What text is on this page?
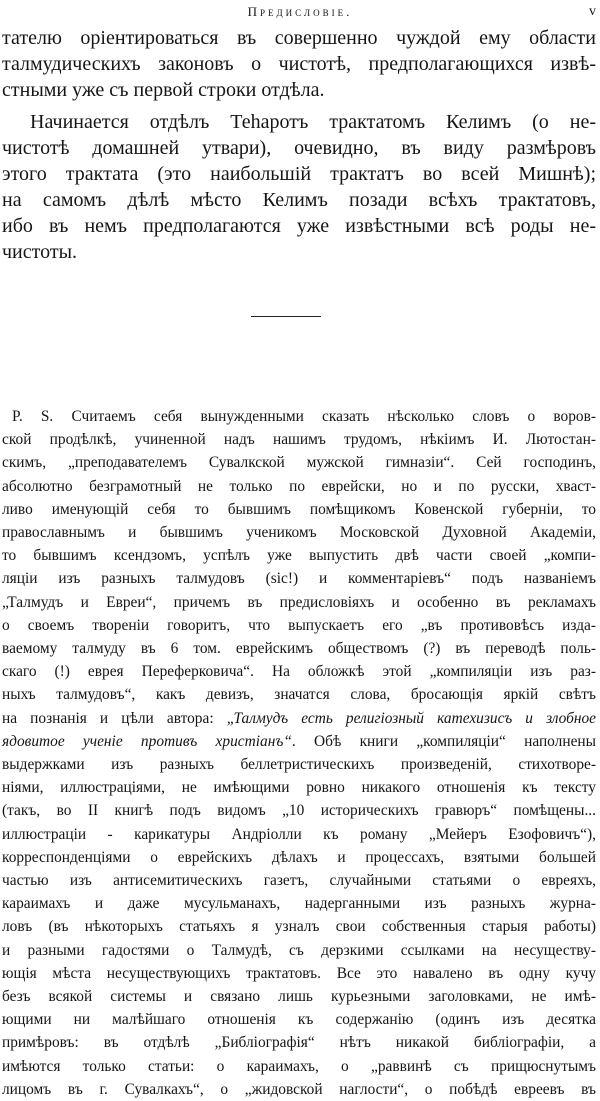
Предисловіе.	v

тателю оріентироваться въ совершенно чуждой ему области

талмудическихъ законовъ о чистотѣ, предполагающихся извѣ-

стными уже съ первой строки отдѣла.

Начинается отдѣлъ Теhаротъ трактатомъ Келимъ (о не-

чистотѣ домашней утвари), очевидно, въ виду размѣровъ

этого трактата (это наибольшій трактатъ во всей Мишнѣ);

на самомъ дѣлѣ мѣсто Келимъ позади всѣхъ трактатовъ,

ибо въ немъ предполагаются уже извѣстными всѣ роды не-

чистоты.

P. S. Считаемъ себя вынужденными сказать нѣсколько словъ о воров-

ской продѣлкѣ, учиненной надъ нашимъ трудомъ, нѣкіимъ И. Лютостан-

скимъ, „преподавателемъ Сувалкской мужской гимназіи“. Сей господинъ,

абсолютно безграмотный не только по еврейски, но и по русски, хваст-

ливо именующій себя то бывшимъ помѣщикомъ Ковенской губерніи, то

православнымъ и бывшимъ ученикомъ Московской Духовной Академіи,

то бывшимъ ксендзомъ, успѣлъ уже выпустить двѣ части своей „компи-

ляціи изъ разныхъ талмудовъ (sic!) и комментаріевъ“ подъ названіемъ

„Талмудъ и Евреи“, причемъ въ предисловіяхъ и особенно въ рекламахъ

о своемъ твореніи говоритъ, что выпускаетъ его „въ противовѣсъ изда-

ваемому талмуду въ 6 том. еврейскимъ обществомъ (?) въ переводѣ поль-

скаго (!) еврея Переферковича“. На обложкѣ этой „компиляціи изъ раз-

ныхъ талмудовъ“, какъ девизъ, значатся слова, бросающія яркій свѣтъ

на познанія и цѣли автора: „Талмудъ есть религіозный катехизисъ и злобное

ядовитое ученіе противъ христіанъ“. Обѣ книги „компиляціи“ наполнены

выдержками изъ разныхъ беллетристическихъ произведеній, стихотворе-

ніями, иллюстраціями, не имѣющими ровно никакого отношенія къ тексту

(такъ, во II книгѣ подъ видомъ „10 историческихъ гравюръ“ помѣщены...

иллюстраціи - карикатуры Андріолли къ роману „Мейеръ Езофовичъ“),

корреспонденціями о еврейскихъ дѣлахъ и процессахъ, взятыми большей

частью изъ антисемитическихъ газетъ, случайными статьями о евреяхъ,

караимахъ и даже мусульманахъ, надерганными изъ разныхъ журна-

ловъ (въ нѣкоторыхъ статьяхъ я узналъ свои собственныя старыя работы)

и разными гадостями о Талмудѣ, съ дерзкими ссылками на несуществу-

ющія мѣста несуществующихъ трактатовъ. Все это навалено въ одну кучу

безъ всякой системы и связано лишь курьезными заголовками, не имѣ-

ющими ни малѣйшаго отношенія къ содержанію (одинъ изъ десятка

примѣровъ: въ отдѣлѣ „Библіографія“ нѣтъ никакой библіографіи, а

имѣются только статьи: о караимахъ, о „раввинѣ съ прищюснутымъ

лицомъ въ г. Сувалкахъ“, о „жидовской наглости“, о побѣдѣ евреевъ въ
